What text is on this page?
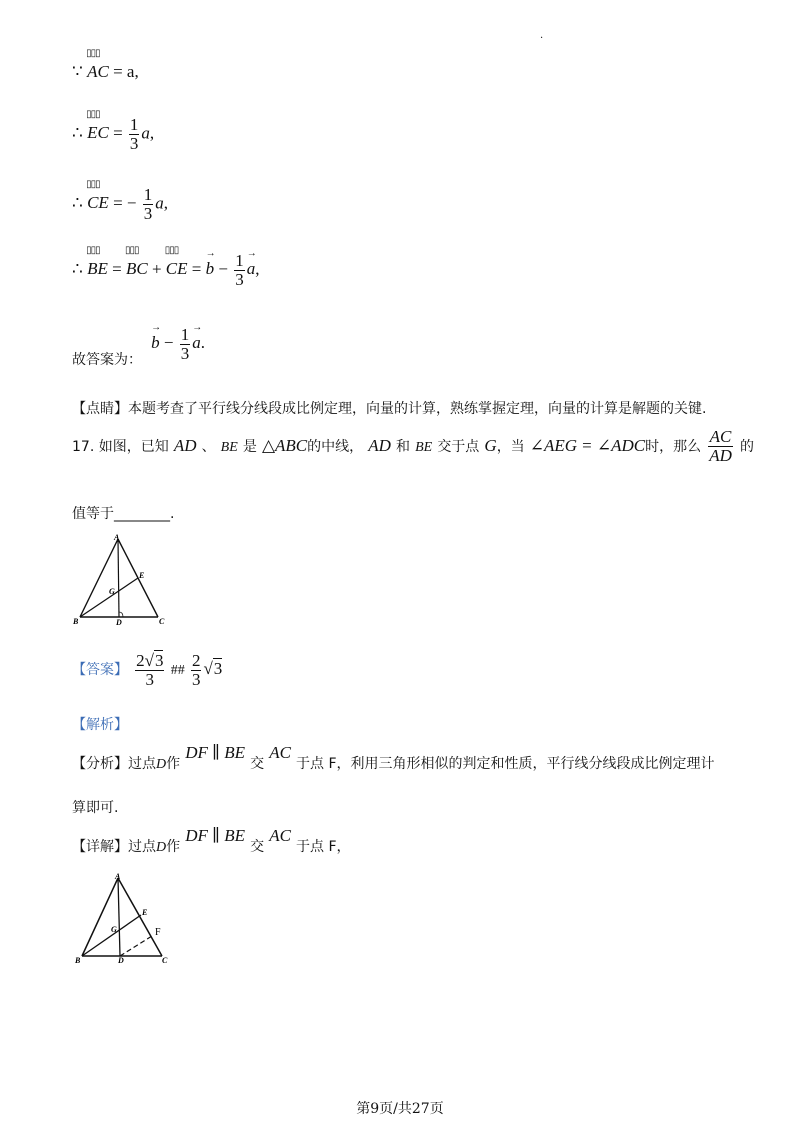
.
∵ ▯▯▯ AC = a,
∴ ▯▯▯ EC = $\frac{1}{3} a$,
∴ ▯▯▯ CE = − $\frac{1}{3} a$,
∴ ▯▯▯ BE = ▯▯▯ BC + ▯▯▯ CE = → $b - \frac{1}{3}$
→ a,
故答案为： → $b - \frac{1}{3}$
→ a.
【点睛】本题考查了平行线分线段成比例定理，向量的计算，熟练掌握定理，向量的计算是解题的关键.
17. 如图，已知 AD 、 BE 是 △ABC的中线， AD 和 BE 交于点 G，当 ∠AEG = ∠ADC时，那么 $\frac{AC}{AD}$ 的
值等于________.
A
B	C
D
E
G
【答案】 $\frac{2√3}{3}$ ## $\frac{2}{3} √3$
【解析】
【分析】过点D作 DF ∥ BE 交 AC 于点 F，利用三角形相似的判定和性质，平行线分线段成比例定理计
算即可.
【详解】过点D作 DF ∥ BE 交 AC 于点 F，
A
B	C
D
E
G	F
第9页/共27页
